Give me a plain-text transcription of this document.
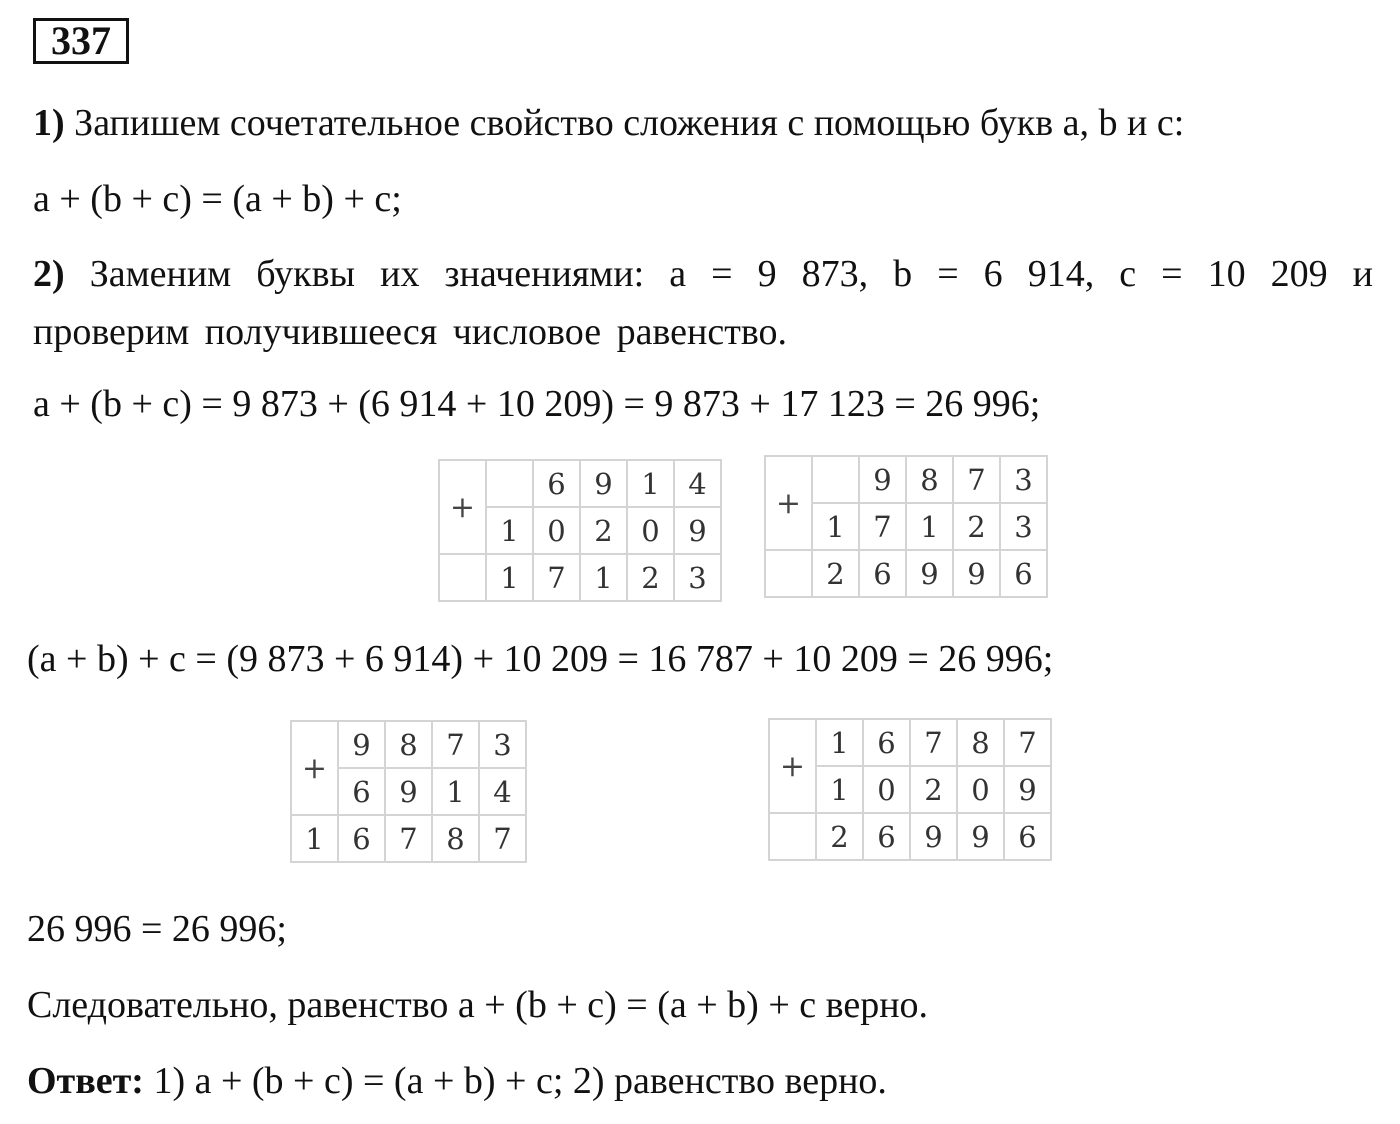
337
1) Запишем сочетательное свойство сложения с помощью букв a, b и c:
a + (b + c) = (a + b) + c;
2) Заменим буквы их значениями: a = 9 873, b = 6 914, c = 10 209 и проверим получившееся числовое равенство.
a + (b + c) = 9 873 + (6 914 + 10 209) = 9 873 + 17 123 = 26 996;
+		6	9	1	4
	1	0	2	0	9
	1	7	1	2	3
+		9	8	7	3
	1	7	1	2	3
	2	6	9	9	6
(a + b) + c = (9 873 + 6 914) + 10 209 = 16 787 + 10 209 = 26 996;
+	9	8	7	3
	6	9	1	4
1	6	7	8	7
+	1	6	7	8	7
	1	0	2	0	9
	2	6	9	9	6
26 996 = 26 996;
Следовательно, равенство a + (b + c) = (a + b) + c верно.
Ответ: 1) a + (b + c) = (a + b) + c; 2) равенство верно.
